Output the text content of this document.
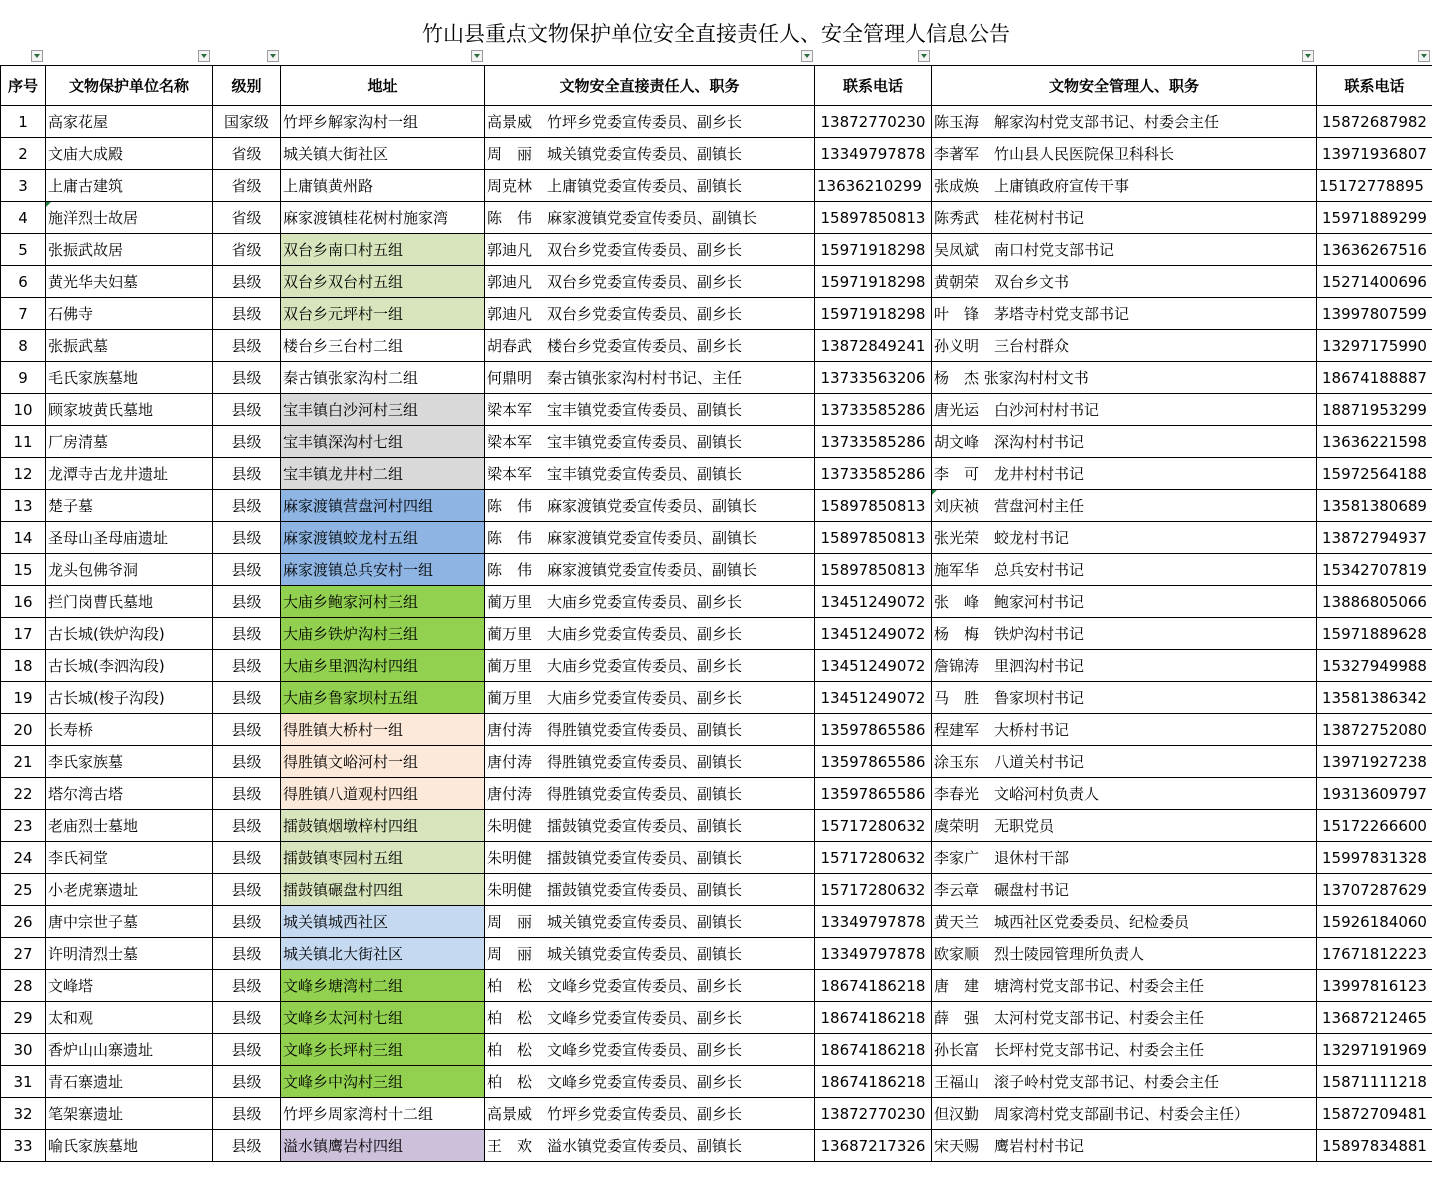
竹山县重点文物保护单位安全直接责任人、安全管理人信息公告
序号	文物保护单位名称	级别	地址	文物安全直接责任人、职务	联系电话	文物安全管理人、职务	联系电话
1	高家花屋	国家级	竹坪乡解家沟村一组	高景威　竹坪乡党委宣传委员、副乡长	13872770230	陈玉海　解家沟村党支部书记、村委会主任	15872687982
2	文庙大成殿	省级	城关镇大街社区	周　丽　城关镇党委宣传委员、副镇长	13349797878	李著军　竹山县人民医院保卫科科长	13971936807
3	上庸古建筑	省级	上庸镇黄州路	周克林　上庸镇党委宣传委员、副镇长	13636210299	张成焕　上庸镇政府宣传干事	15172778895
4	施洋烈士故居	省级	麻家渡镇桂花树村施家湾	陈　伟　麻家渡镇党委宣传委员、副镇长	15897850813	陈秀武　桂花树村书记	15971889299
5	张振武故居	省级	双台乡南口村五组	郭迪凡　双台乡党委宣传委员、副乡长	15971918298	吴凤斌　南口村党支部书记	13636267516
6	黄光华夫妇墓	县级	双台乡双台村五组	郭迪凡　双台乡党委宣传委员、副乡长	15971918298	黄朝荣　双台乡文书	15271400696
7	石佛寺	县级	双台乡元坪村一组	郭迪凡　双台乡党委宣传委员、副乡长	15971918298	叶　锋　茅塔寺村党支部书记	13997807599
8	张振武墓	县级	楼台乡三台村二组	胡春武　楼台乡党委宣传委员、副乡长	13872849241	孙义明　三台村群众	13297175990
9	毛氏家族墓地	县级	秦古镇张家沟村二组	何鼎明　秦古镇张家沟村村书记、主任	13733563206	杨　杰 张家沟村村文书	18674188887
10	顾家坡黄氏墓地	县级	宝丰镇白沙河村三组	梁本军　宝丰镇党委宣传委员、副镇长	13733585286	唐光运　白沙河村村书记	18871953299
11	厂房清墓	县级	宝丰镇深沟村七组	梁本军　宝丰镇党委宣传委员、副镇长	13733585286	胡文峰　深沟村村书记	13636221598
12	龙潭寺古龙井遗址	县级	宝丰镇龙井村二组	梁本军　宝丰镇党委宣传委员、副镇长	13733585286	李　可　龙井村村书记	15972564188
13	楚子墓	县级	麻家渡镇营盘河村四组	陈　伟　麻家渡镇党委宣传委员、副镇长	15897850813	刘庆祯　营盘河村主任	13581380689
14	圣母山圣母庙遗址	县级	麻家渡镇蛟龙村五组	陈　伟　麻家渡镇党委宣传委员、副镇长	15897850813	张光荣　蛟龙村书记	13872794937
15	龙头包佛爷洞	县级	麻家渡镇总兵安村一组	陈　伟　麻家渡镇党委宣传委员、副镇长	15897850813	施军华　总兵安村书记	15342707819
16	拦门岗曹氏墓地	县级	大庙乡鲍家河村三组	蔺万里　大庙乡党委宣传委员、副乡长	13451249072	张　峰　鲍家河村书记	13886805066
17	古长城(铁炉沟段)	县级	大庙乡铁炉沟村三组	蔺万里　大庙乡党委宣传委员、副乡长	13451249072	杨　梅　铁炉沟村书记	15971889628
18	古长城(李泗沟段)	县级	大庙乡里泗沟村四组	蔺万里　大庙乡党委宣传委员、副乡长	13451249072	詹锦涛　里泗沟村书记	15327949988
19	古长城(梭子沟段)	县级	大庙乡鲁家坝村五组	蔺万里　大庙乡党委宣传委员、副乡长	13451249072	马　胜　鲁家坝村书记	13581386342
20	长寿桥	县级	得胜镇大桥村一组	唐付涛　得胜镇党委宣传委员、副镇长	13597865586	程建军　大桥村书记	13872752080
21	李氏家族墓	县级	得胜镇文峪河村一组	唐付涛　得胜镇党委宣传委员、副镇长	13597865586	涂玉东　八道关村书记	13971927238
22	塔尔湾古塔	县级	得胜镇八道观村四组	唐付涛　得胜镇党委宣传委员、副镇长	13597865586	李春光　文峪河村负责人	19313609797
23	老庙烈士墓地	县级	擂鼓镇烟墩梓村四组	朱明健　擂鼓镇党委宣传委员、副镇长	15717280632	虞荣明　无职党员	15172266600
24	李氏祠堂	县级	擂鼓镇枣园村五组	朱明健　擂鼓镇党委宣传委员、副镇长	15717280632	李家广　退休村干部	15997831328
25	小老虎寨遗址	县级	擂鼓镇碾盘村四组	朱明健　擂鼓镇党委宣传委员、副镇长	15717280632	李云章　碾盘村书记	13707287629
26	唐中宗世子墓	县级	城关镇城西社区	周　丽　城关镇党委宣传委员、副镇长	13349797878	黄天兰　城西社区党委委员、纪检委员	15926184060
27	许明清烈士墓	县级	城关镇北大街社区	周　丽　城关镇党委宣传委员、副镇长	13349797878	欧家顺　烈士陵园管理所负责人	17671812223
28	文峰塔	县级	文峰乡塘湾村二组	柏　松　文峰乡党委宣传委员、副乡长	18674186218	唐　建　塘湾村党支部书记、村委会主任	13997816123
29	太和观	县级	文峰乡太河村七组	柏　松　文峰乡党委宣传委员、副乡长	18674186218	薛　强　太河村党支部书记、村委会主任	13687212465
30	香炉山山寨遗址	县级	文峰乡长坪村三组	柏　松　文峰乡党委宣传委员、副乡长	18674186218	孙长富　长坪村党支部书记、村委会主任	13297191969
31	青石寨遗址	县级	文峰乡中沟村三组	柏　松　文峰乡党委宣传委员、副乡长	18674186218	王福山　滚子岭村党支部书记、村委会主任	15871111218
32	笔架寨遗址	县级	竹坪乡周家湾村十二组	高景威　竹坪乡党委宣传委员、副乡长	13872770230	但汉勤　周家湾村党支部副书记、村委会主任）	15872709481
33	喻氏家族墓地	县级	溢水镇鹰岩村四组	王　欢　溢水镇党委宣传委员、副镇长	13687217326	宋天赐　鹰岩村村书记	15897834881
